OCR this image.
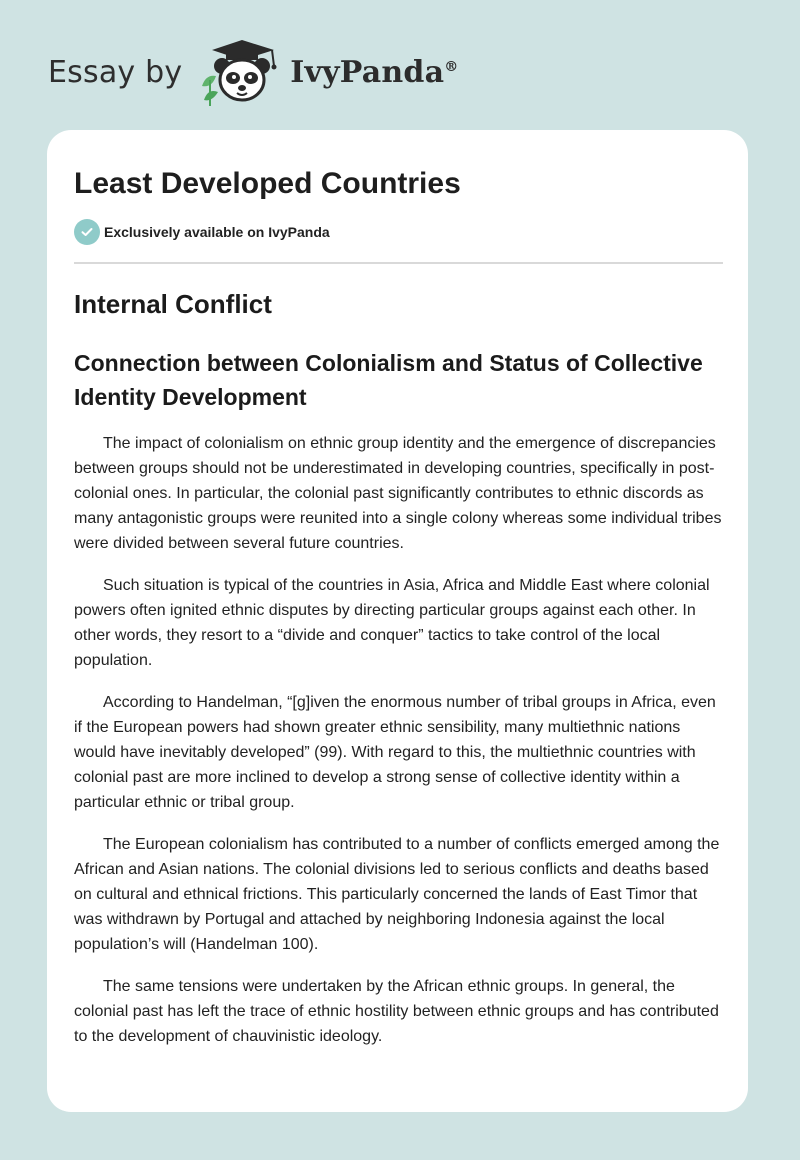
Essay by	IvyPanda®
Least Developed Countries
Exclusively available on IvyPanda
Internal Conflict
Connection between Colonialism and Status of Collective Identity Development

The impact of colonialism on ethnic group identity and the emergence of discrepancies between groups should not be underestimated in developing countries, specifically in post-colonial ones. In particular, the colonial past significantly contributes to ethnic discords as many antagonistic groups were reunited into a single colony whereas some individual tribes were divided between several future countries.

Such situation is typical of the countries in Asia, Africa and Middle East where colonial powers often ignited ethnic disputes by directing particular groups against each other. In other words, they resort to a “divide and conquer” tactics to take control of the local population.

According to Handelman, “[g]iven the enormous number of tribal groups in Africa, even if the European powers had shown greater ethnic sensibility, many multiethnic nations would have inevitably developed” (99). With regard to this, the multiethnic countries with colonial past are more inclined to develop a strong sense of collective identity within a particular ethnic or tribal group.

The European colonialism has contributed to a number of conflicts emerged among the African and Asian nations. The colonial divisions led to serious conflicts and deaths based on cultural and ethnical frictions. This particularly concerned the lands of East Timor that was withdrawn by Portugal and attached by neighboring Indonesia against the local population’s will (Handelman 100).

The same tensions were undertaken by the African ethnic groups. In general, the colonial past has left the trace of ethnic hostility between ethnic groups and has contributed to the development of chauvinistic ideology.
